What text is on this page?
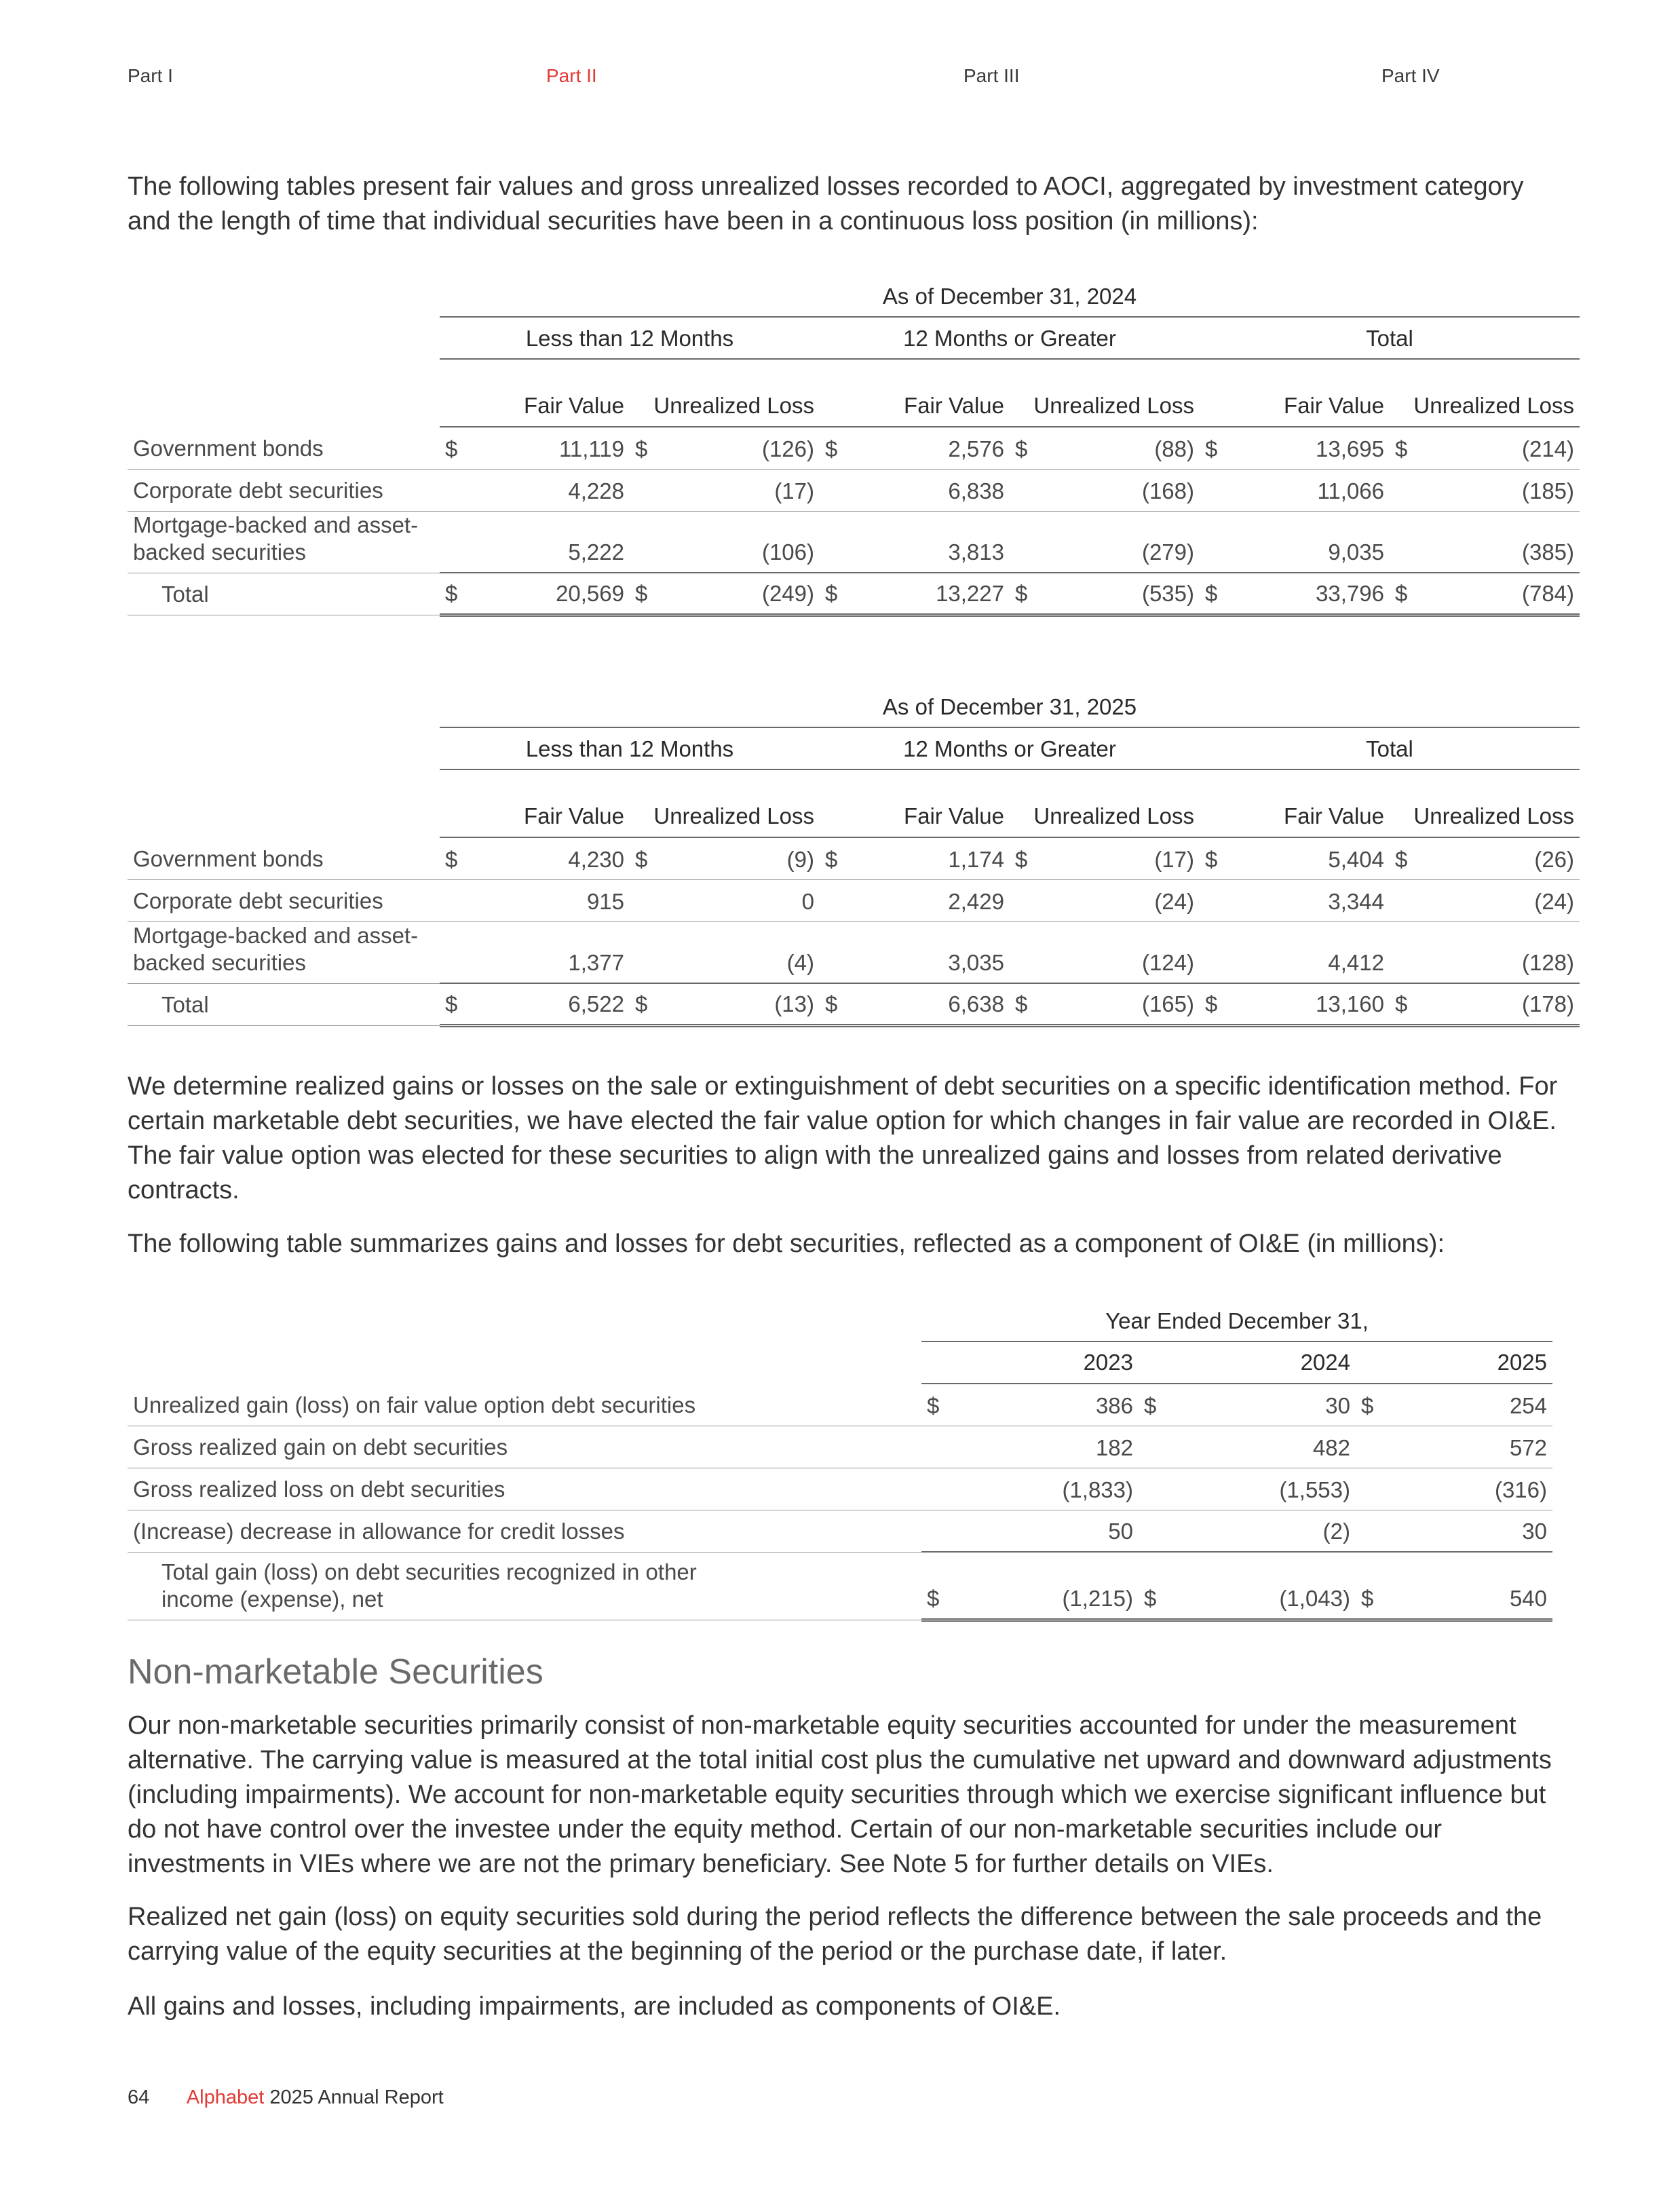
Part I	Part II	Part III	Part IV
The following tables present fair values and gross unrealized losses recorded to AOCI, aggregated by investment category and the length of time that individual securities have been in a continuous loss position (in millions):
	As of December 31, 2024											
	Less than 12 Months				12 Months or Greater				Total			
	Fair Value		Unrealized Loss		Fair Value		Unrealized Loss		Fair Value		Unrealized Loss	
Government bonds	$	11,119	$	(126)	$	2,576	$	(88)	$	13,695	$	(214)
Corporate debt securities		4,228		(17)		6,838		(168)		11,066		(185)
Mortgage-backed and asset-backed securities		5,222		(106)		3,813		(279)		9,035		(385)
Total	$	20,569	$	(249)	$	13,227	$	(535)	$	33,796	$	(784)
	As of December 31, 2025											
	Less than 12 Months				12 Months or Greater				Total			
	Fair Value		Unrealized Loss		Fair Value		Unrealized Loss		Fair Value		Unrealized Loss	
Government bonds	$	4,230	$	(9)	$	1,174	$	(17)	$	5,404	$	(26)
Corporate debt securities		915		0		2,429		(24)		3,344		(24)
Mortgage-backed and asset-backed securities		1,377		(4)		3,035		(124)		4,412		(128)
Total	$	6,522	$	(13)	$	6,638	$	(165)	$	13,160	$	(178)
We determine realized gains or losses on the sale or extinguishment of debt securities on a specific identification method. For certain marketable debt securities, we have elected the fair value option for which changes in fair value are recorded in OI&E. The fair value option was elected for these securities to align with the unrealized gains and losses from related derivative contracts.
The following table summarizes gains and losses for debt securities, reflected as a component of OI&E (in millions):
	Year Ended December 31,					
	2023		2024		2025	
Unrealized gain (loss) on fair value option debt securities	$	386	$	30	$	254
Gross realized gain on debt securities		182		482		572
Gross realized loss on debt securities		(1,833)		(1,553)		(316)
(Increase) decrease in allowance for credit losses		50		(2)		30
Total gain (loss) on debt securities recognized in other income (expense), net	$	(1,215)	$	(1,043)	$	540
Non-marketable Securities
Our non-marketable securities primarily consist of non-marketable equity securities accounted for under the measurement alternative. The carrying value is measured at the total initial cost plus the cumulative net upward and downward adjustments (including impairments). We account for non-marketable equity securities through which we exercise significant influence but do not have control over the investee under the equity method. Certain of our non-marketable securities include our investments in VIEs where we are not the primary beneficiary. See Note 5 for further details on VIEs.
Realized net gain (loss) on equity securities sold during the period reflects the difference between the sale proceeds and the carrying value of the equity securities at the beginning of the period or the purchase date, if later.
All gains and losses, including impairments, are included as components of OI&E.
64 Alphabet 2025 Annual Report
